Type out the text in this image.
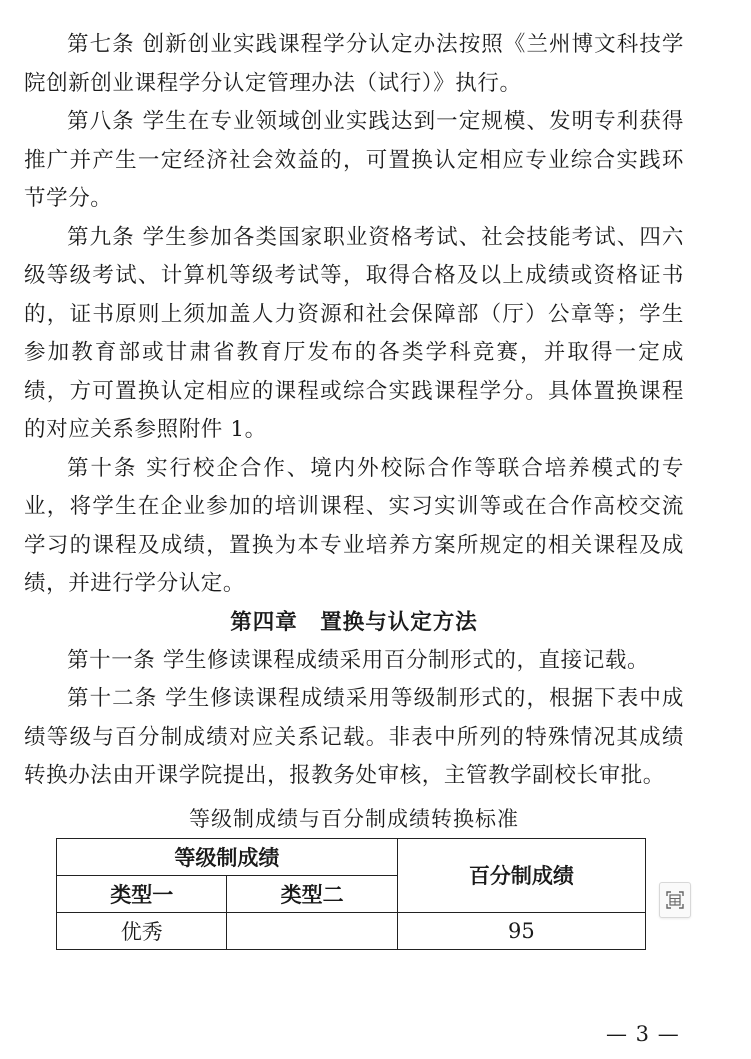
第七条 创新创业实践课程学分认定办法按照《兰州博文科技学院创新创业课程学分认定管理办法（试行）》执行。

第八条 学生在专业领域创业实践达到一定规模、发明专利获得推广并产生一定经济社会效益的，可置换认定相应专业综合实践环节学分。

第九条 学生参加各类国家职业资格考试、社会技能考试、四六级等级考试、计算机等级考试等，取得合格及以上成绩或资格证书的，证书原则上须加盖人力资源和社会保障部（厅）公章等；学生参加教育部或甘肃省教育厅发布的各类学科竞赛，并取得一定成绩，方可置换认定相应的课程或综合实践课程学分。具体置换课程的对应关系参照附件 1。

第十条 实行校企合作、境内外校际合作等联合培养模式的专业，将学生在企业参加的培训课程、实习实训等或在合作高校交流学习的课程及成绩，置换为本专业培养方案所规定的相关课程及成绩，并进行学分认定。

第四章　置换与认定方法

第十一条 学生修读课程成绩采用百分制形式的，直接记载。

第十二条 学生修读课程成绩采用等级制形式的，根据下表中成绩等级与百分制成绩对应关系记载。非表中所列的特殊情况其成绩转换办法由开课学院提出，报教务处审核，主管教学副校长审批。

等级制成绩与百分制成绩转换标准

等级制成绩		百分制成绩
类型一	类型二	
优秀		95
— 3 —
